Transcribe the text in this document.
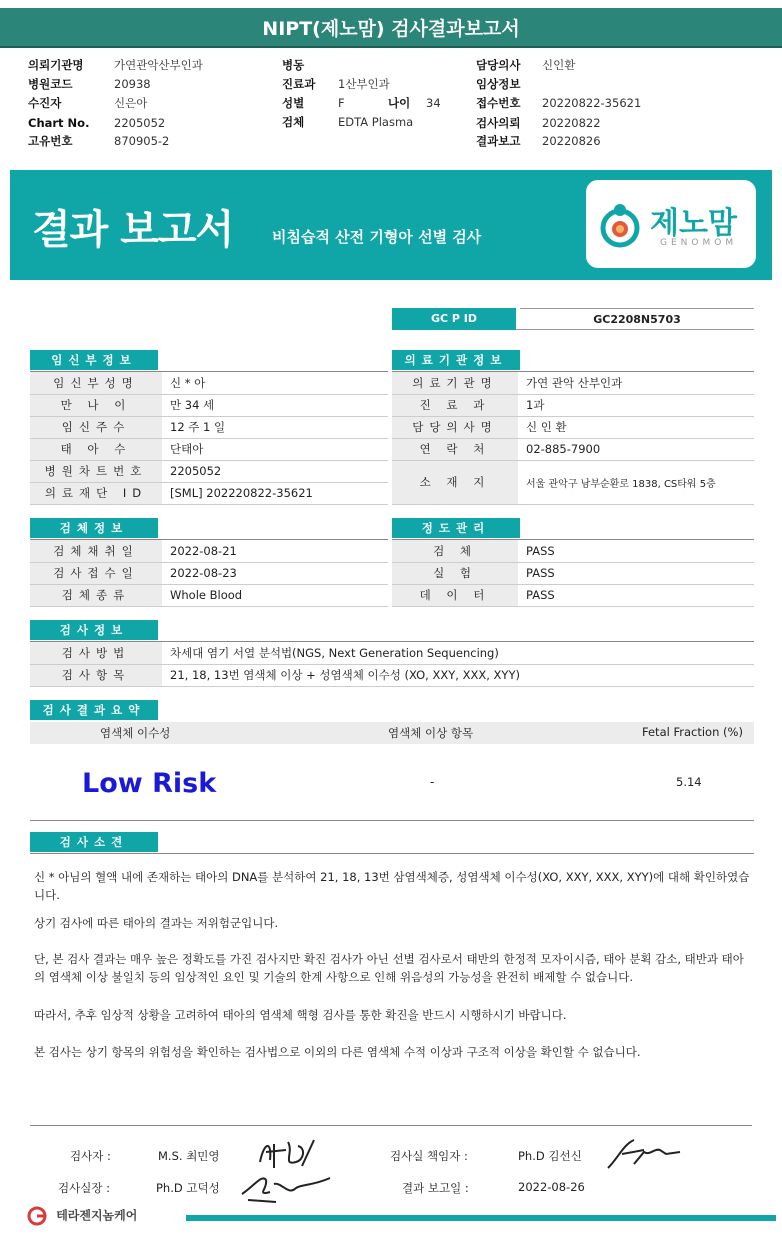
NIPT(제노맘) 검사결과보고서
의뢰기관명	가연관악산부인과
병원코드	20938
수진자	신은아
Chart No. 2205052
고유번호	870905-2
병동
진료과 1산부인과
성별	F	나이 34
검체	EDTA Plasma
담당의사 신인환
임상정보
접수번호 20220822-35621
검사의뢰 20220822
결과보고 20220826
결과 보고서	비침습적 산전 기형아 선별 검사	제노맘
GENOMOM
GC P ID	GC2208N5703
임신부정보
임신부성명	신 * 아
만 나 이	만 34 세
임신주수	12 주 1 일
태 아 수	단태아
병원차트번호	2205052
의료재단 ID	[SML] 202220822-35621
의료기관정보
의료기관명	가연 관악 산부인과
진 료 과	1과
담당의사명	신 인 환
연 락 처	02-885-7900
소 재 지	서울 관악구 남부순환로 1838, CS타워 5층
검체정보
검체채취일	2022-08-21
검사접수일	2022-08-23
검체종류	Whole Blood
정도관리
검 체	PASS
실 험	PASS
데 이 터	PASS
검사정보
검사방법	차세대 염기 서열 분석법(NGS, Next Generation Sequencing)
검사항목	21, 18, 13번 염색체 이상 + 성염색체 이수성 (XO, XXY, XXX, XYY)
검사결과요약
염색체 이수성	염색체 이상 항목	Fetal Fraction (%)
Low Risk	-	5.14
검사소견
신 * 아님의 혈액 내에 존재하는 태아의 DNA를 분석하여 21, 18, 13번 삼염색체증, 성염색체 이수성(XO, XXY, XXX, XYY)에 대해 확인하였습니다.
상기 검사에 따른 태아의 결과는 저위험군입니다.
단, 본 검사 결과는 매우 높은 정확도를 가진 검사지만 확진 검사가 아닌 선별 검사로서 태반의 한정적 모자이시즘, 태아 분획 감소, 태반과 태아의 염색체 이상 불일치 등의 임상적인 요인 및 기술의 한계 사항으로 인해 위음성의 가능성을 완전히 배제할 수 없습니다.
따라서, 추후 임상적 상황을 고려하여 태아의 염색체 핵형 검사를 통한 확진을 반드시 시행하시기 바랍니다.
본 검사는 상기 항목의 위험성을 확인하는 검사법으로 이외의 다른 염색체 수적 이상과 구조적 이상을 확인할 수 없습니다.
검사자 :	M.S. 최민영	검사실 책임자 :	Ph.D 김선신
검사실장 :	Ph.D 고덕성	결과 보고일 :	2022-08-26
테라젠지놈케어
